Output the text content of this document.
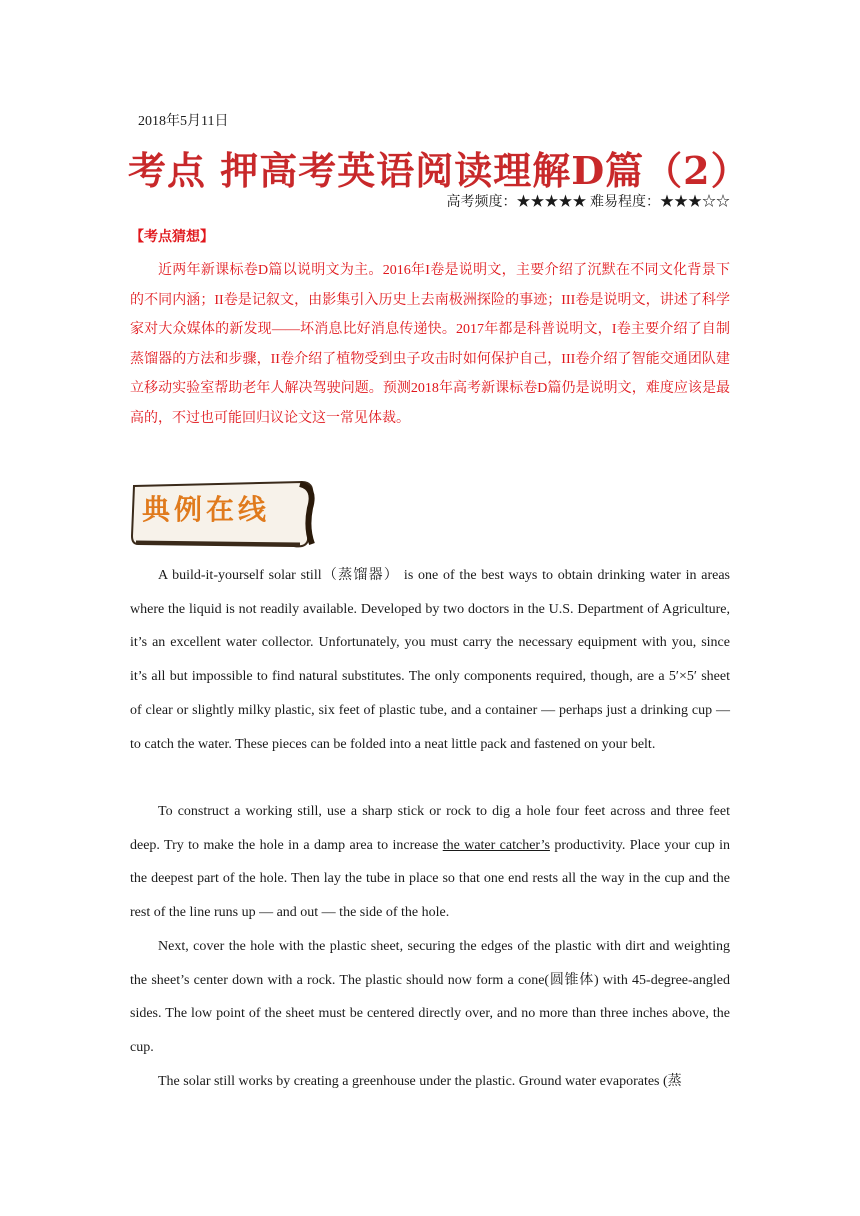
2018年5月11日
考点 押高考英语阅读理解D篇（2）
高考频度：★★★★★ 难易程度：★★★☆☆
【考点猜想】
近两年新课标卷D篇以说明文为主。2016年I卷是说明文，主要介绍了沉默在不同文化背景下的不同内涵；II卷是记叙文，由影集引入历史上去南极洲探险的事迹；III卷是说明文，讲述了科学家对大众媒体的新发现——坏消息比好消息传递快。2017年都是科普说明文，I卷主要介绍了自制蒸馏器的方法和步骤，II卷介绍了植物受到虫子攻击时如何保护自己，III卷介绍了智能交通团队建立移动实验室帮助老年人解决驾驶问题。预测2018年高考新课标卷D篇仍是说明文，难度应该是最高的，不过也可能回归议论文这一常见体裁。
典例在线
A build-it-yourself solar still（蒸馏器） is one of the best ways to obtain drinking water in areas where the liquid is not readily available. Developed by two doctors in the U.S. Department of Agriculture, it’s an excellent water collector. Unfortunately, you must carry the necessary equipment with you, since it’s all but impossible to find natural substitutes. The only components required, though, are a 5′×5′ sheet of clear or slightly milky plastic, six feet of plastic tube, and a container — perhaps just a drinking cup — to catch the water. These pieces can be folded into a neat little pack and fastened on your belt.
To construct a working still, use a sharp stick or rock to dig a hole four feet across and three feet deep. Try to make the hole in a damp area to increase the water catcher’s productivity. Place your cup in the deepest part of the hole. Then lay the tube in place so that one end rests all the way in the cup and the rest of the line runs up — and out — the side of the hole.
Next, cover the hole with the plastic sheet, securing the edges of the plastic with dirt and weighting the sheet’s center down with a rock. The plastic should now form a cone(圆锥体) with 45-degree-angled sides. The low point of the sheet must be centered directly over, and no more than three inches above, the cup.
The solar still works by creating a greenhouse under the plastic. Ground water evaporates (蒸
